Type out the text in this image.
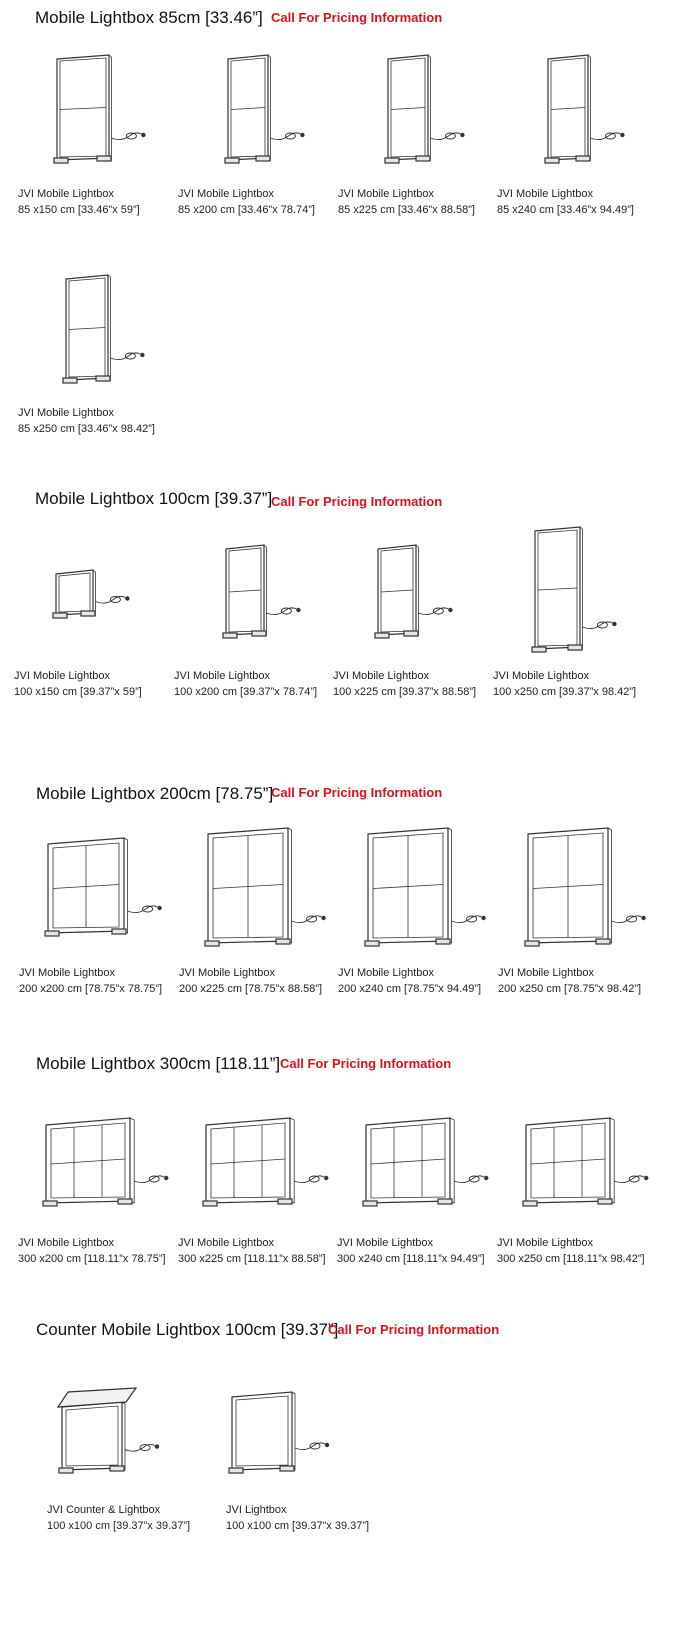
Mobile Lightbox 85cm [33.46”] Call For Pricing Information
JVI Mobile Lightbox
85 x150 cm [33.46”x 59”]
JVI Mobile Lightbox
85 x200 cm [33.46”x 78.74”]
JVI Mobile Lightbox
85 x225 cm [33.46”x 88.58”]
JVI Mobile Lightbox
85 x240 cm [33.46”x 94.49”]
JVI Mobile Lightbox
85 x250 cm [33.46”x 98.42”]
Mobile Lightbox 100cm [39.37”]
Call For Pricing Information
JVI Mobile Lightbox
100 x150 cm [39.37”x 59”]
JVI Mobile Lightbox
100 x200 cm [39.37”x 78.74”]
JVI Mobile Lightbox
100 x225 cm [39.37”x 88.58”]
JVI Mobile Lightbox
100 x250 cm [39.37”x 98.42”]
Mobile Lightbox 200cm [78.75”]
Call For Pricing Information
JVI Mobile Lightbox
200 x200 cm [78.75”x 78.75”]
JVI Mobile Lightbox
200 x225 cm [78.75”x 88.58”]
JVI Mobile Lightbox
200 x240 cm [78.75”x 94.49”]
JVI Mobile Lightbox
200 x250 cm [78.75”x 98.42”]
Mobile Lightbox 300cm [118.11”] Call For Pricing Information
JVI Mobile Lightbox
300 x200 cm [118.11”x 78.75”]
JVI Mobile Lightbox
300 x225 cm [118.11”x 88.58”]
JVI Mobile Lightbox
300 x240 cm [118.11”x 94.49”]
JVI Mobile Lightbox
300 x250 cm [118.11”x 98.42”]
Counter Mobile Lightbox 100cm [39.37”]
Call For Pricing Information
JVI Counter & Lightbox
100 x100 cm [39.37”x 39.37”]
JVI Lightbox
100 x100 cm [39.37”x 39.37”]
